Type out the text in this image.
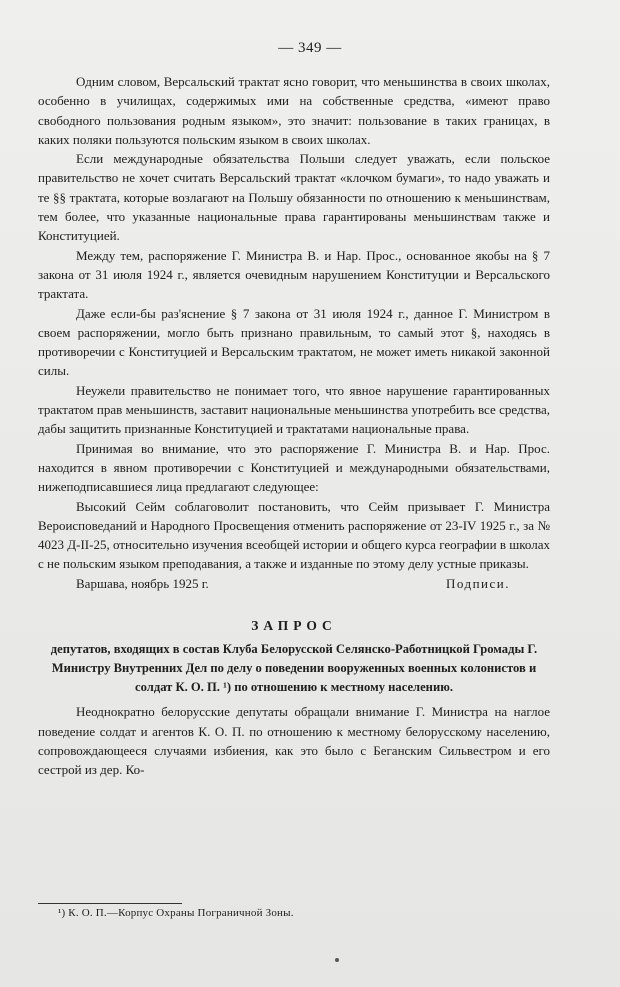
— 349 —

Одним словом, Версальский трактат ясно говорит, что меньшинства в своих школах, особенно в училищах, содержимых ими на собственные средства, «имеют право свободного пользования родным языком», это значит: пользование в таких границах, в каких поляки пользуются польским языком в своих школах.

Если международные обязательства Польши следует уважать, если польское правительство не хочет считать Версальский трактат «клочком бумаги», то надо уважать и те §§ трактата, которые возлагают на Польшу обязанности по отношению к меньшинствам, тем более, что указанные национальные права гарантированы меньшинствам также и Конституцией.

Между тем, распоряжение Г. Министра В. и Нар. Прос., основанное якобы на § 7 закона от 31 июля 1924 г., является очевидным нарушением Конституции и Версальского трактата.

Даже если-бы раз'яснение § 7 закона от 31 июля 1924 г., данное Г. Министром в своем распоряжении, могло быть признано правильным, то самый этот §, находясь в противоречии с Конституцией и Версальским трактатом, не может иметь никакой законной силы.

Неужели правительство не понимает того, что явное нарушение гарантированных трактатом прав меньшинств, заставит национальные меньшинства употребить все средства, дабы защитить признанные Конституцией и трактатами национальные права.

Принимая во внимание, что это распоряжение Г. Министра В. и Нар. Прос. находится в явном противоречии с Конституцией и международными обязательствами, нижеподписавшиеся лица предлагают следующее:

Высокий Сейм соблаговолит постановить, что Сейм призывает Г. Министра Вероисповеданий и Народного Просвещения отменить распоряжение от 23-IV 1925 г., за № 4023 Д-II-25, относительно изучения всеобщей истории и общего курса географии в школах с не польским языком преподавания, а также и изданные по этому делу устные приказы.

Варшава, ноябрь 1925 г.	Подписи.
ЗАПРОС
депутатов, входящих в состав Клуба Белорусской Селянско-Работницкой Громады Г. Министру Внутренних Дел по делу о поведении вооруженных военных колонистов и солдат К. О. П. ¹) по отношению к местному населению.

Неоднократно белорусские депутаты обращали внимание Г. Министра на наглое поведение солдат и агентов К. О. П. по отношению к местному белорусскому населению, сопровождающееся случаями избиения, как это было с Беганским Сильвестром и его сестрой из дер. Ко-

¹) К. О. П.—Корпус Охраны Пограничной Зоны.
